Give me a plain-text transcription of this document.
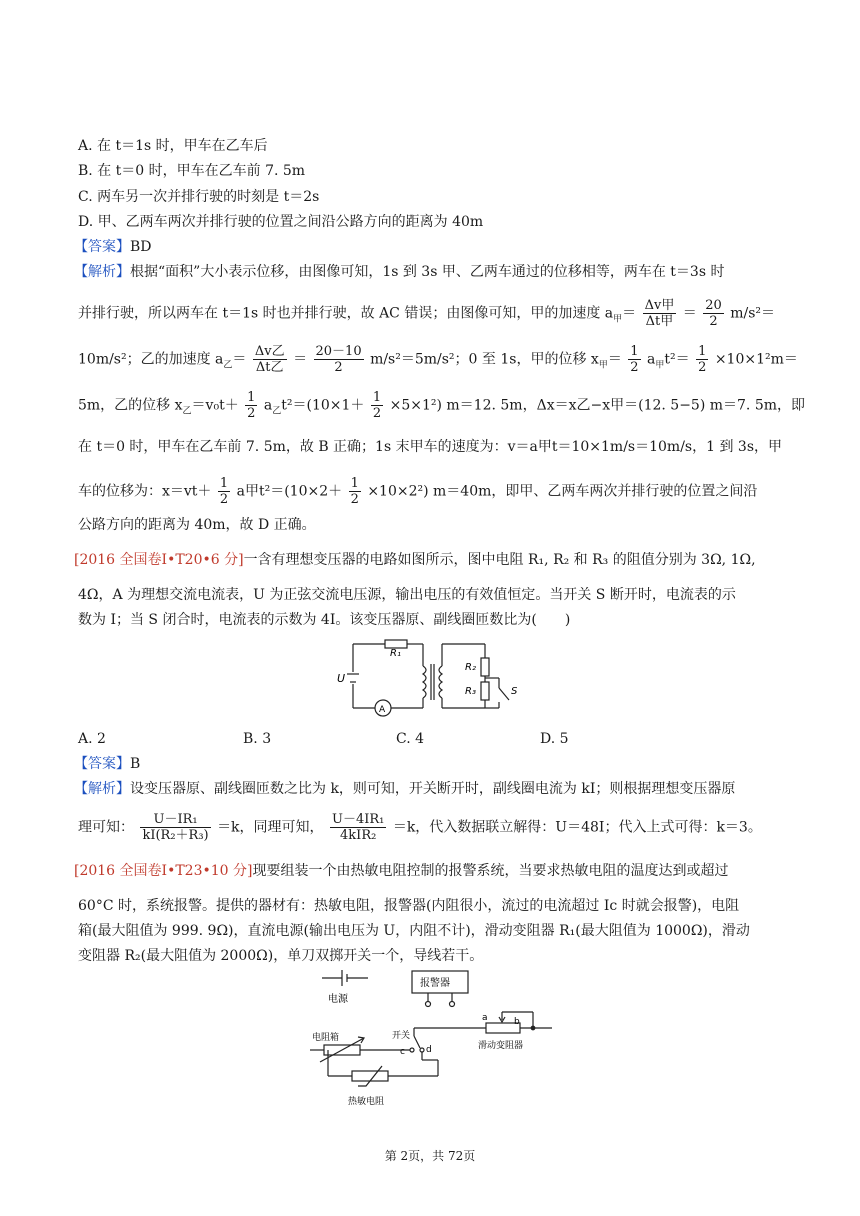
A. 在 t＝1s 时，甲车在乙车后
B. 在 t＝0 时，甲车在乙车前 7. 5m
C. 两车另一次并排行驶的时刻是 t＝2s
D. 甲、乙两车两次并排行驶的位置之间沿公路方向的距离为 40m
【答案】BD
【解析】根据“面积”大小表示位移，由图像可知，1s 到 3s 甲、乙两车通过的位移相等，两车在 t＝3s 时
并排行驶，所以两车在 t＝1s 时也并排行驶，故 AC 错误；由图像可知，甲的加速度 $a_甲= \frac{\text{Δv甲}}{\text{Δt甲}} = \frac{20}{2} m/s^2=$
10m/s²；乙的加速度 $a_乙= \frac{\text{Δv乙}}{\text{Δt乙}} = \frac{20-10}{2} m/s^2=5m/s^2$；0 至 1s，甲的位移 $x_甲= \frac{1}{2} a_甲t^2= \frac{1}{2} \times 10\times 1^2m=$
5m，乙的位移 $x_乙=v_0t+ \frac{1}{2} a_乙t^2=(10\times 1+ \frac{1}{2} \times 5\times 1^2)$ m＝12. 5m，Δx＝x乙−x甲＝(12. 5−5) m＝7. 5m，即
在 t＝0 时，甲车在乙车前 7. 5m，故 B 正确；1s 末甲车的速度为：v＝a甲t＝10×1m/s＝10m/s，1 到 3s，甲
车的位移为：$x=vt+ \frac{1}{2}$ a甲$t^2=(10\times 2+ \frac{1}{2} \times 10\times 2^2)$ m＝40m，即甲、乙两车两次并排行驶的位置之间沿
公路方向的距离为 40m，故 D 正确。
[2016 全国卷Ⅰ•T20•6 分]一含有理想变压器的电路如图所示，图中电阻 R₁, R₂ 和 R₃ 的阻值分别为 3Ω, 1Ω,
4Ω，A 为理想交流电流表，U 为正弦交流电压源，输出电压的有效值恒定。当开关 S 断开时，电流表的示
数为 I；当 S 闭合时，电流表的示数为 4I。该变压器原、副线圈匝数比为(　　)
R₁
R₂
R₃
U
A
S
A. 2	B. 3	C. 4	D. 5
【答案】B
【解析】设变压器原、副线圈匝数之比为 k，则可知，开关断开时，副线圈电流为 kI；则根据理想变压器原
理可知： $\frac{\text{U－IR₁}}{\text{kI(R₂＋R₃)}} =k$，同理可知， $\frac{\text{U－4IR₁}}{\text{4kIR₂}} =k$，代入数据联立解得：U＝48I；代入上式可得：k＝3。
[2016 全国卷Ⅰ•T23•10 分]现要组装一个由热敏电阻控制的报警系统，当要求热敏电阻的温度达到或超过
60°C 时，系统报警。提供的器材有：热敏电阻，报警器(内阻很小，流过的电流超过 Ic 时就会报警)，电阻
箱(最大阻值为 999. 9Ω)，直流电源(输出电压为 U，内阻不计)，滑动变阻器 R₁(最大阻值为 1000Ω)，滑动
变阻器 R₂(最大阻值为 2000Ω)，单刀双掷开关一个，导线若干。
电源
报警器
电阻箱	开关
c d
a	b
滑动变阻器
热敏电阻
第 2页，共 72页
